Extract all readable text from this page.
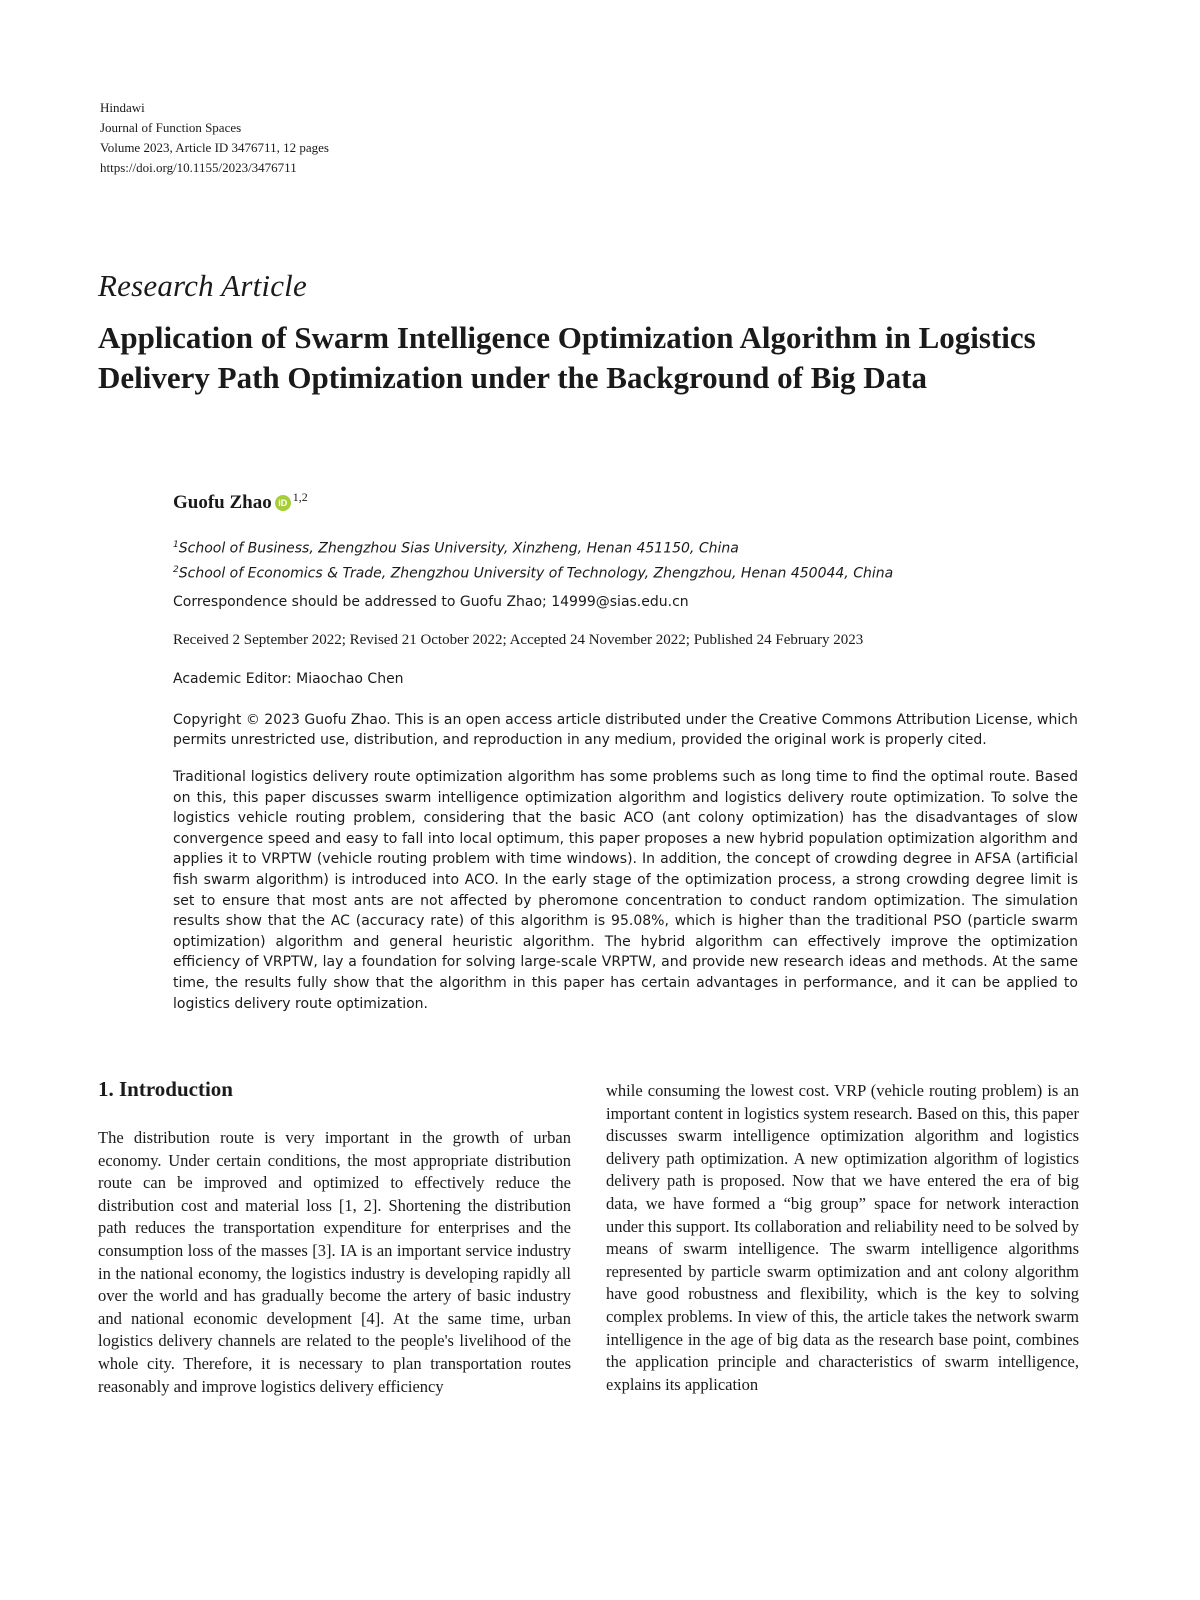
Hindawi
Journal of Function Spaces
Volume 2023, Article ID 3476711, 12 pages
https://doi.org/10.1155/2023/3476711
Research Article
Application of Swarm Intelligence Optimization Algorithm in Logistics Delivery Path Optimization under the Background of Big Data
Guofu Zhao iD $^{1,2}$
$^1$School of Business, Zhengzhou Sias University, Xinzheng, Henan 451150, China
$^2$School of Economics & Trade, Zhengzhou University of Technology, Zhengzhou, Henan 450044, China
Correspondence should be addressed to Guofu Zhao; 14999@sias.edu.cn
Received 2 September 2022; Revised 21 October 2022; Accepted 24 November 2022; Published 24 February 2023
Academic Editor: Miaochao Chen
Copyright © 2023 Guofu Zhao. This is an open access article distributed under the Creative Commons Attribution License, which permits unrestricted use, distribution, and reproduction in any medium, provided the original work is properly cited.
Traditional logistics delivery route optimization algorithm has some problems such as long time to find the optimal route. Based on this, this paper discusses swarm intelligence optimization algorithm and logistics delivery route optimization. To solve the logistics vehicle routing problem, considering that the basic ACO (ant colony optimization) has the disadvantages of slow convergence speed and easy to fall into local optimum, this paper proposes a new hybrid population optimization algorithm and applies it to VRPTW (vehicle routing problem with time windows). In addition, the concept of crowding degree in AFSA (artificial fish swarm algorithm) is introduced into ACO. In the early stage of the optimization process, a strong crowding degree limit is set to ensure that most ants are not affected by pheromone concentration to conduct random optimization. The simulation results show that the AC (accuracy rate) of this algorithm is 95.08%, which is higher than the traditional PSO (particle swarm optimization) algorithm and general heuristic algorithm. The hybrid algorithm can effectively improve the optimization efficiency of VRPTW, lay a foundation for solving large-scale VRPTW, and provide new research ideas and methods. At the same time, the results fully show that the algorithm in this paper has certain advantages in performance, and it can be applied to logistics delivery route optimization.
1. Introduction
The distribution route is very important in the growth of urban economy. Under certain conditions, the most appropriate distribution route can be improved and optimized to effectively reduce the distribution cost and material loss [1, 2]. Shortening the distribution path reduces the transportation expenditure for enterprises and the consumption loss of the masses [3]. IA is an important service industry in the national economy, the logistics industry is developing rapidly all over the world and has gradually become the artery of basic industry and national economic development [4]. At the same time, urban logistics delivery channels are related to the people's livelihood of the whole city. Therefore, it is necessary to plan transportation routes reasonably and improve logistics delivery efficiency
while consuming the lowest cost. VRP (vehicle routing problem) is an important content in logistics system research. Based on this, this paper discusses swarm intelligence optimization algorithm and logistics delivery path optimization. A new optimization algorithm of logistics delivery path is proposed. Now that we have entered the era of big data, we have formed a “big group” space for network interaction under this support. Its collaboration and reliability need to be solved by means of swarm intelligence. The swarm intelligence algorithms represented by particle swarm optimization and ant colony algorithm have good robustness and flexibility, which is the key to solving complex problems. In view of this, the article takes the network swarm intelligence in the age of big data as the research base point, combines the application principle and characteristics of swarm intelligence, explains its application
